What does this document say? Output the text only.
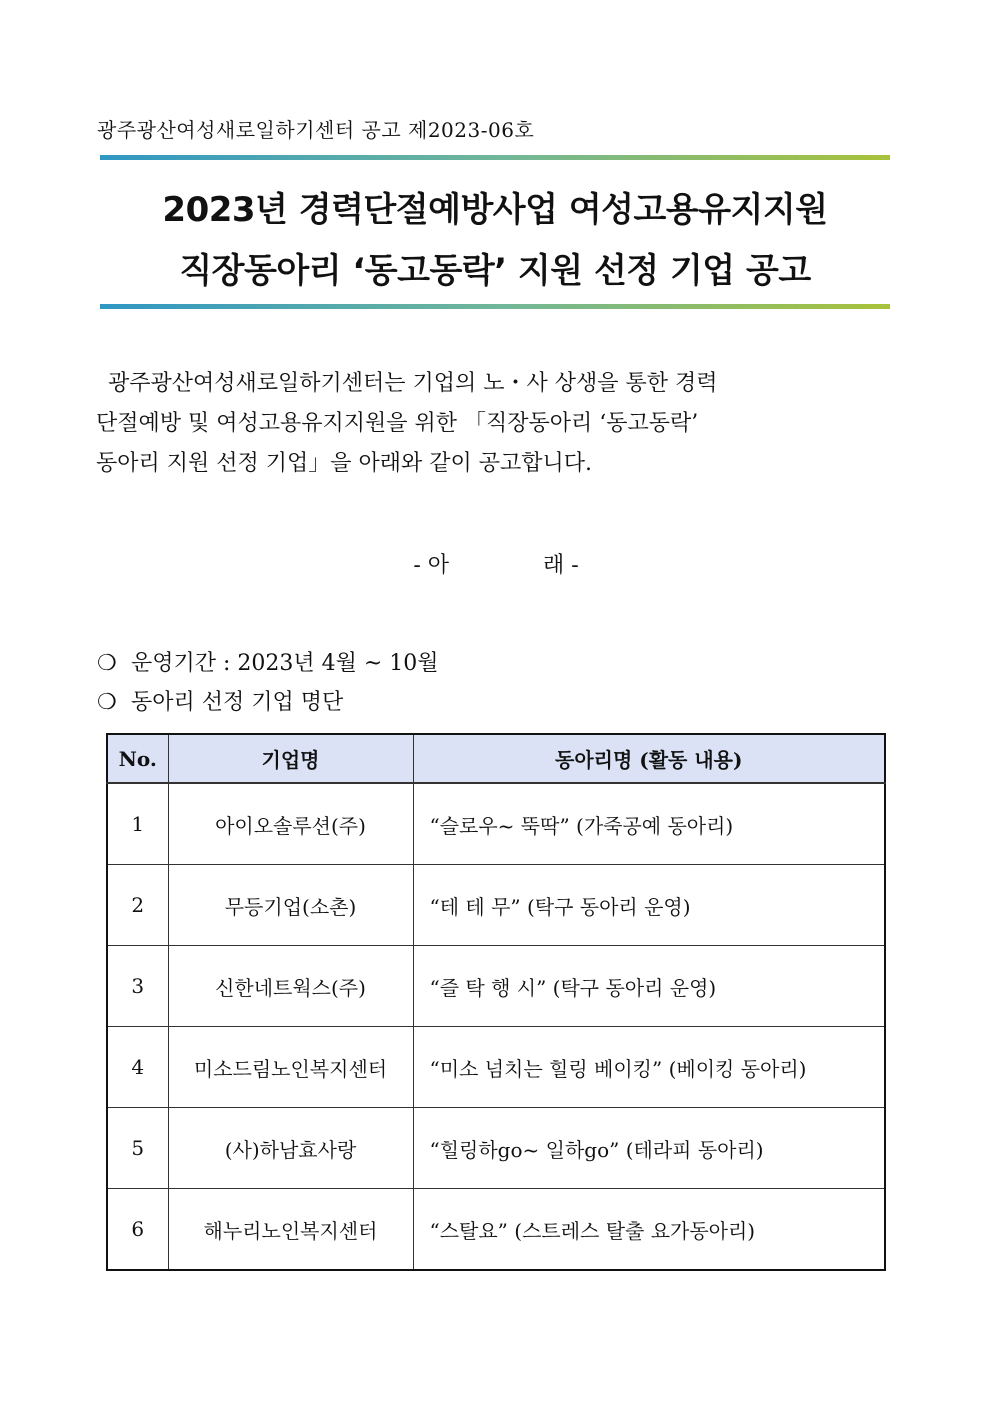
광주광산여성새로일하기센터 공고 제2023-06호
2023년 경력단절예방사업 여성고용유지지원
직장동아리 ‘동고동락’ 지원 선정 기업 공고
광주광산여성새로일하기센터는 기업의 노・사 상생을 통한 경력
단절예방 및 여성고용유지지원을 위한 「직장동아리 ‘동고동락’
동아리 지원 선정 기업」을 아래와 같이 공고합니다.
- 아	래 -
❍ 운영기간 : 2023년 4월 ~ 10월
❍ 동아리 선정 기업 명단
No.	기업명	동아리명 (활동 내용)
1	아이오솔루션(주)	“슬로우~ 뚝딱” (가죽공예 동아리)
2	무등기업(소촌)	“테 테 무” (탁구 동아리 운영)
3	신한네트웍스(주)	“즐 탁 행 시” (탁구 동아리 운영)
4	미소드림노인복지센터	“미소 넘치는 힐링 베이킹” (베이킹 동아리)
5	(사)하남효사랑	“힐링하go~ 일하go” (테라피 동아리)
6	해누리노인복지센터	“스탈요” (스트레스 탈출 요가동아리)
